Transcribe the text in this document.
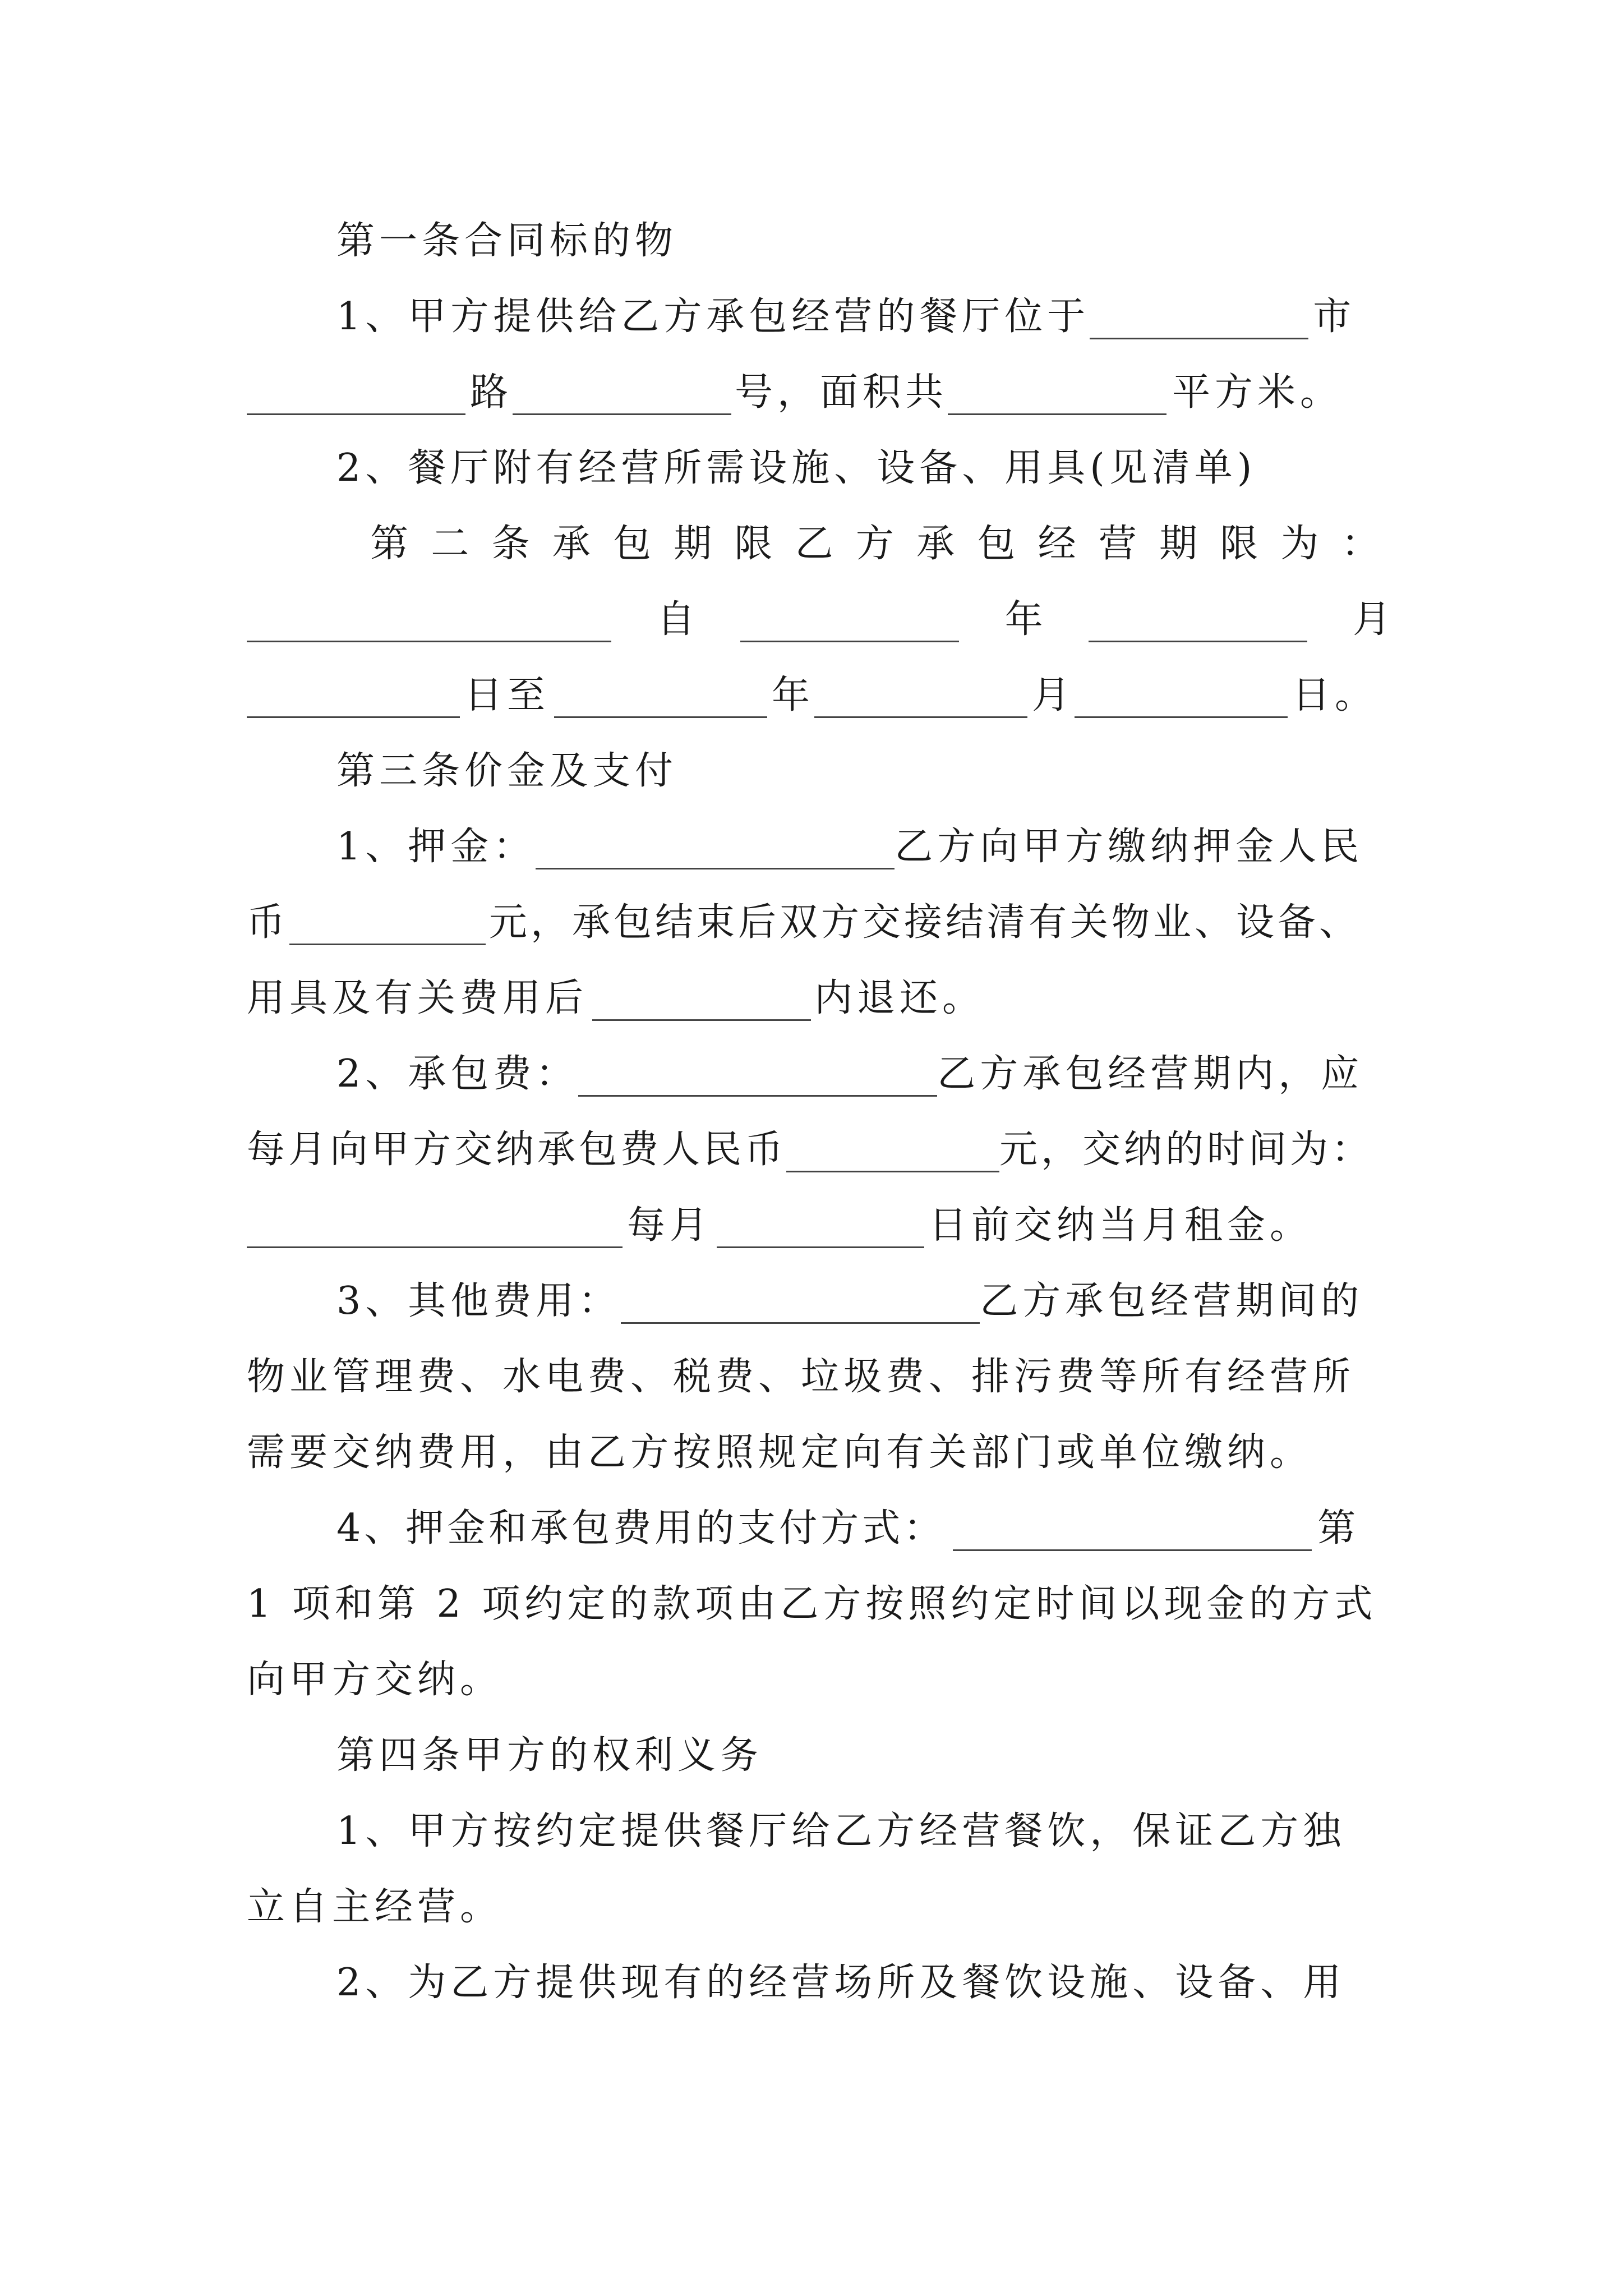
第一条合同标的物
1、甲方提供给乙方承包经营的餐厅位于	市
路	号，面积共	平方米。
2、餐厅附有经营所需设施、设备、用具(见清单)
第 二 条 承 包 期 限 乙 方 承 包 经 营 期 限 为 ：
自	年	月
日至	年	月	日。
第三条价金及支付
1、押金：	乙方向甲方缴纳押金人民
币	元，承包结束后双方交接结清有关物业、设备、
用具及有关费用后	内退还。
2、承包费：	乙方承包经营期内，应
每月向甲方交纳承包费人民币	元，交纳的时间为：
每月	日前交纳当月租金。
3、其他费用：	乙方承包经营期间的
物业管理费、水电费、税费、垃圾费、排污费等所有经营所
需要交纳费用，由乙方按照规定向有关部门或单位缴纳。
4、押金和承包费用的支付方式：	第
1 项和第 2 项约定的款项由乙方按照约定时间以现金的方式
向甲方交纳。
第四条甲方的权利义务
1、甲方按约定提供餐厅给乙方经营餐饮，保证乙方独
立自主经营。
2、为乙方提供现有的经营场所及餐饮设施、设备、用
